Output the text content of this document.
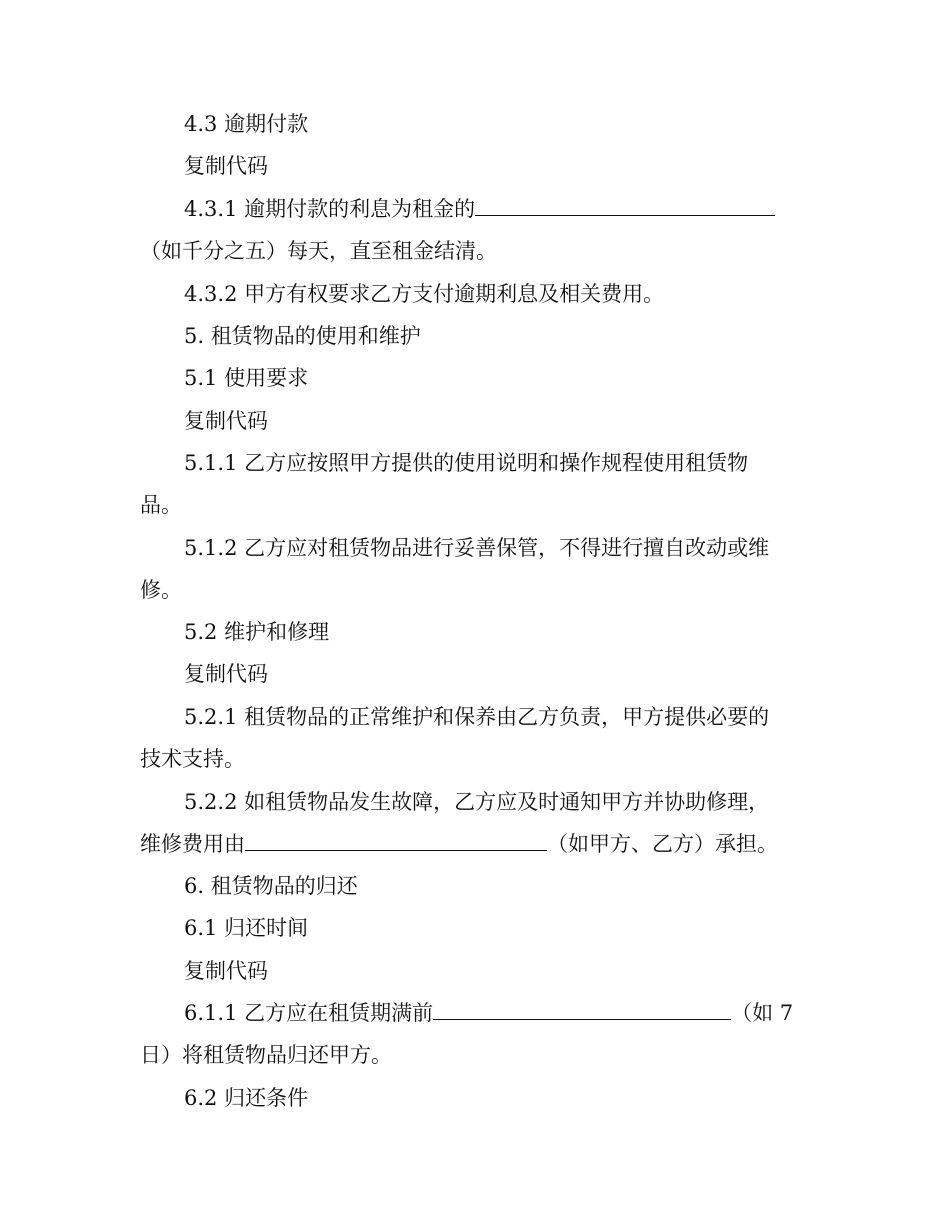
4.3 逾期付款
复制代码
4.3.1 逾期付款的利息为租金的
（如千分之五）每天，直至租金结清。
4.3.2 甲方有权要求乙方支付逾期利息及相关费用。
5. 租赁物品的使用和维护
5.1 使用要求
复制代码
5.1.1 乙方应按照甲方提供的使用说明和操作规程使用租赁物
品。
5.1.2 乙方应对租赁物品进行妥善保管，不得进行擅自改动或维
修。
5.2 维护和修理
复制代码
5.2.1 租赁物品的正常维护和保养由乙方负责，甲方提供必要的
技术支持。
5.2.2 如租赁物品发生故障，乙方应及时通知甲方并协助修理，
维修费用由	（如甲方、乙方）承担。
6. 租赁物品的归还
6.1 归还时间
复制代码
6.1.1 乙方应在租赁期满前	（如 7
日）将租赁物品归还甲方。
6.2 归还条件
